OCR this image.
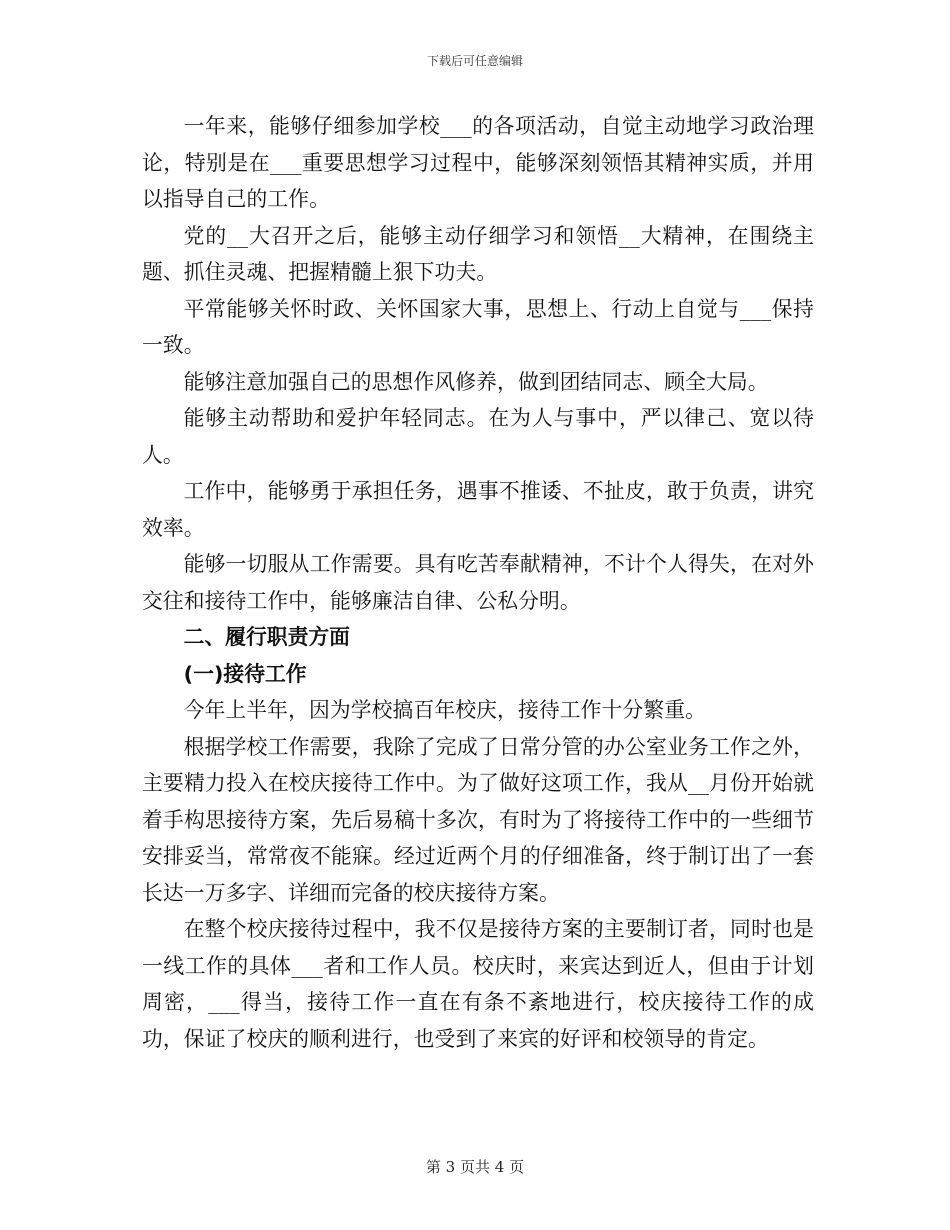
下载后可任意编辑

一年来，能够仔细参加学校___的各项活动，自觉主动地学习政治理论，特别是在___重要思想学习过程中，能够深刻领悟其精神实质，并用以指导自己的工作。

党的__大召开之后，能够主动仔细学习和领悟__大精神，在围绕主题、抓住灵魂、把握精髓上狠下功夫。

平常能够关怀时政、关怀国家大事，思想上、行动上自觉与___保持一致。

能够注意加强自己的思想作风修养，做到团结同志、顾全大局。

能够主动帮助和爱护年轻同志。在为人与事中，严以律己、宽以待人。

工作中，能够勇于承担任务，遇事不推诿、不扯皮，敢于负责，讲究效率。

能够一切服从工作需要。具有吃苦奉献精神，不计个人得失，在对外交往和接待工作中，能够廉洁自律、公私分明。

二、履行职责方面

(一)接待工作

今年上半年，因为学校搞百年校庆，接待工作十分繁重。

根据学校工作需要，我除了完成了日常分管的办公室业务工作之外，主要精力投入在校庆接待工作中。为了做好这项工作，我从__月份开始就着手构思接待方案，先后易稿十多次，有时为了将接待工作中的一些细节安排妥当，常常夜不能寐。经过近两个月的仔细准备，终于制订出了一套长达一万多字、详细而完备的校庆接待方案。

在整个校庆接待过程中，我不仅是接待方案的主要制订者，同时也是一线工作的具体___者和工作人员。校庆时，来宾达到近人，但由于计划周密，___得当，接待工作一直在有条不紊地进行，校庆接待工作的成功，保证了校庆的顺利进行，也受到了来宾的好评和校领导的肯定。

第 3 页共 4 页
